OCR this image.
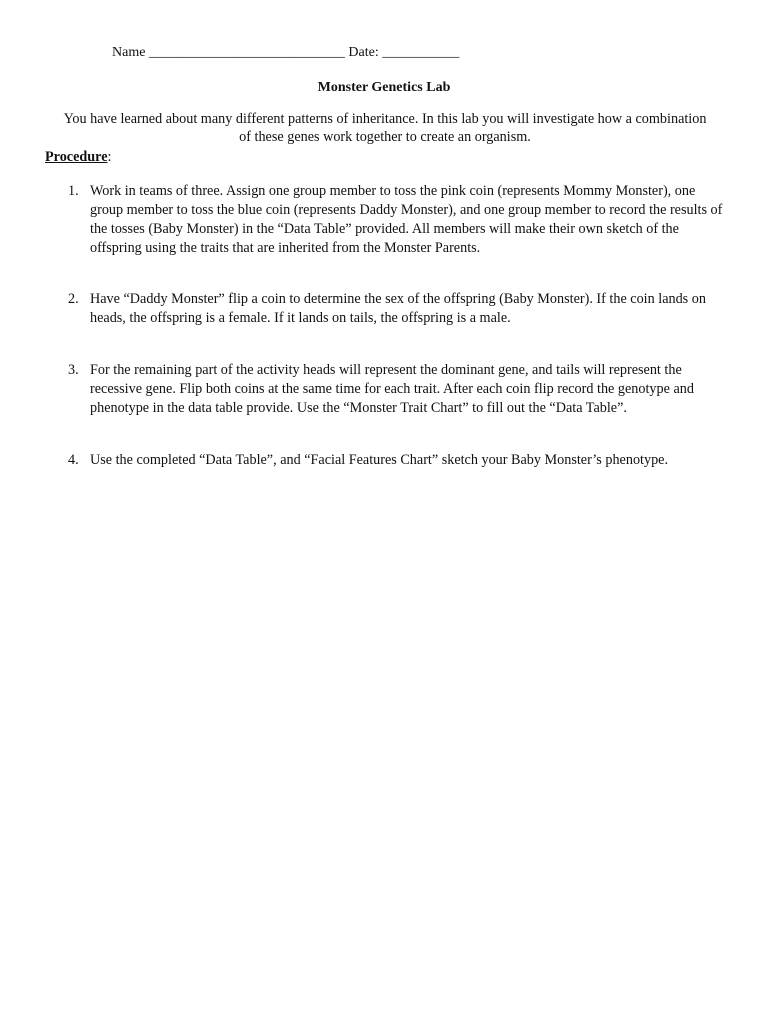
Name ____________________________ Date: ___________
Monster Genetics Lab
You have learned about many different patterns of inheritance. In this lab you will investigate how a combination of these genes work together to create an organism.
Procedure:
1. Work in teams of three. Assign one group member to toss the pink coin (represents Mommy Monster), one group member to toss the blue coin (represents Daddy Monster), and one group member to record the results of the tosses (Baby Monster) in the “Data Table” provided. All members will make their own sketch of the offspring using the traits that are inherited from the Monster Parents.
2. Have “Daddy Monster” flip a coin to determine the sex of the offspring (Baby Monster). If the coin lands on heads, the offspring is a female. If it lands on tails, the offspring is a male.
3. For the remaining part of the activity heads will represent the dominant gene, and tails will represent the recessive gene. Flip both coins at the same time for each trait. After each coin flip record the genotype and phenotype in the data table provide. Use the “Monster Trait Chart” to fill out the “Data Table”.
4. Use the completed “Data Table”, and “Facial Features Chart” sketch your Baby Monster’s phenotype.
